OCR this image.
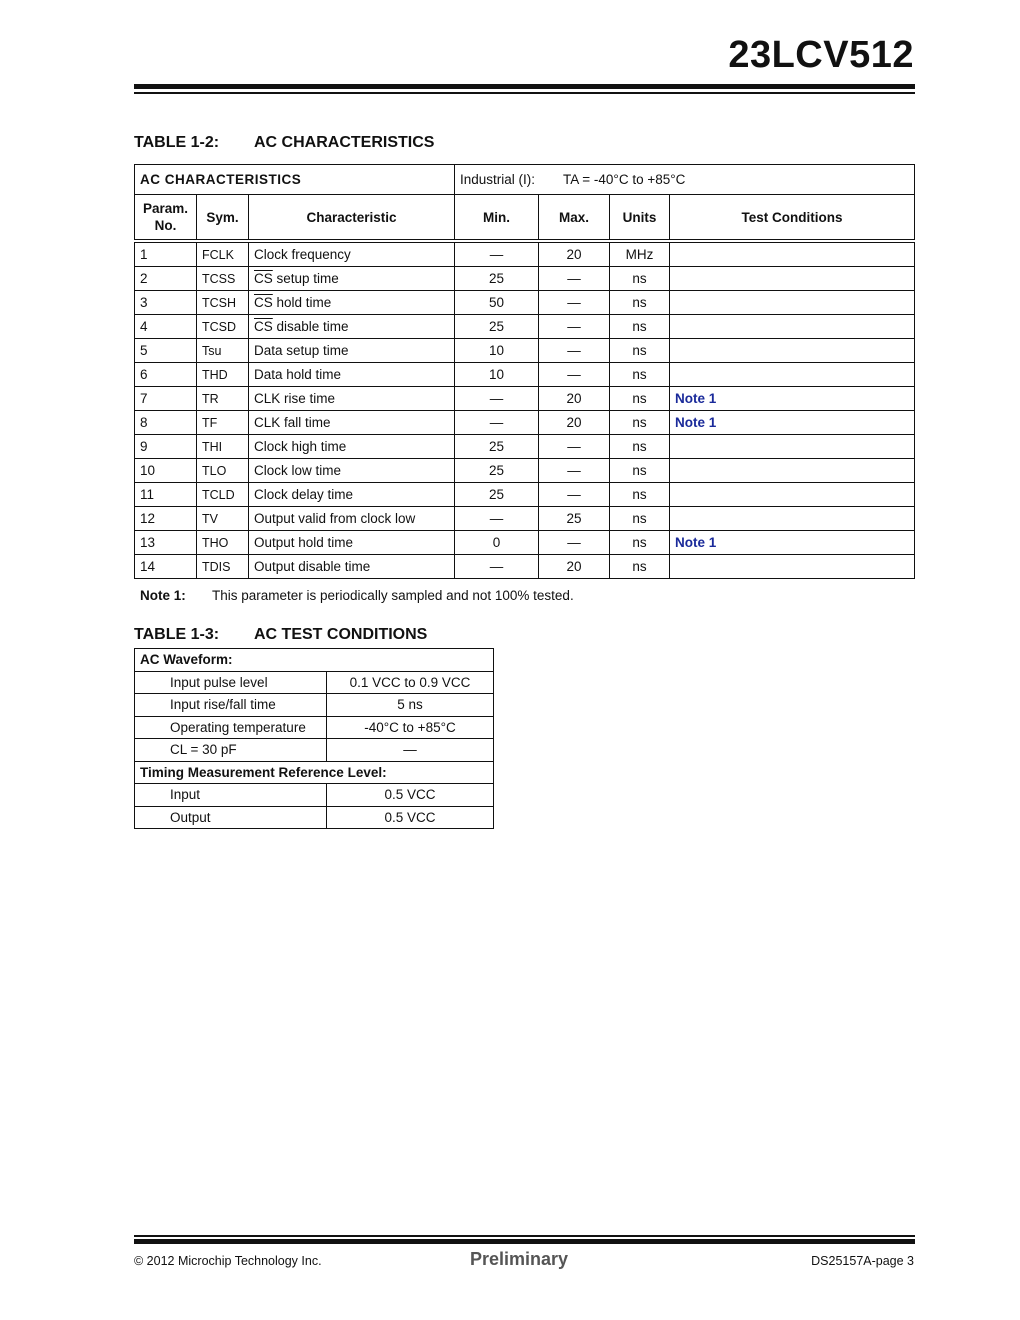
23LCV512
TABLE 1-2: AC CHARACTERISTICS
AC CHARACTERISTICS			Industrial (I): TA = -40°C to +85°C			
Param. No.	Sym.	Characteristic	Min.	Max.	Units	Test Conditions
1	FCLK	Clock frequency	—	20	MHz	
2	TCSS	$\overline{CS}$ setup time	25	—	ns	
3	TCSH	$\overline{CS}$ hold time	50	—	ns	
4	TCSD	$\overline{CS}$ disable time	25	—	ns	
5	Tsu	Data setup time	10	—	ns	
6	THD	Data hold time	10	—	ns	
7	TR	CLK rise time	—	20	ns	Note 1
8	TF	CLK fall time	—	20	ns	Note 1
9	THI	Clock high time	25	—	ns	
10	TLO	Clock low time	25	—	ns	
11	TCLD	Clock delay time	25	—	ns	
12	TV	Output valid from clock low	—	25	ns	
13	THO	Output hold time	0	—	ns	Note 1
14	TDIS	Output disable time	—	20	ns	
Note 1: This parameter is periodically sampled and not 100% tested.
TABLE 1-3: AC TEST CONDITIONS
AC Waveform:	
Input pulse level	0.1 VCC to 0.9 VCC
Input rise/fall time	5 ns
Operating temperature	-40°C to +85°C
CL = 30 pF	—
Timing Measurement Reference Level:	
Input	0.5 VCC
Output	0.5 VCC
© 2012 Microchip Technology Inc.	Preliminary	DS25157A-page 3
